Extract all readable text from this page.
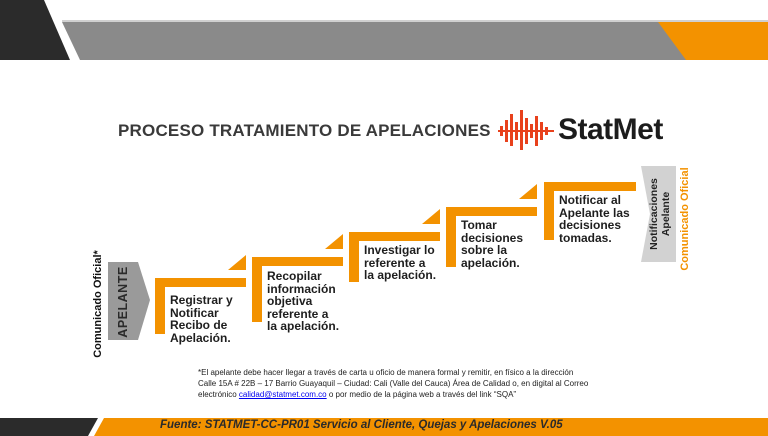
PROCESO TRATAMIENTO DE APELACIONES StatMet
Comunicado Oficial* APELANTE	Registrar y
Notificar
Recibo de
Apelación.
Recopilar
información
objetiva
referente a
la apelación.
Investigar lo
referente a
la apelación.
Tomar
decisiones
sobre la
apelación.
Notificar al
Apelante las
decisiones
tomadas.	Notificaciones Apelante Comunicado Oficial
*El apelante debe hacer llegar a través de carta u oficio de manera formal y remitir, en físico a la dirección
Calle 15A # 22B – 17 Barrio Guayaquil – Ciudad: Cali (Valle del Cauca) Área de Calidad o, en digital al Correo
electrónico calidad@statmet.com.co o por medio de la página web a través del link “SQA”
Fuente: STATMET-CC-PR01 Servicio al Cliente, Quejas y Apelaciones V.05
